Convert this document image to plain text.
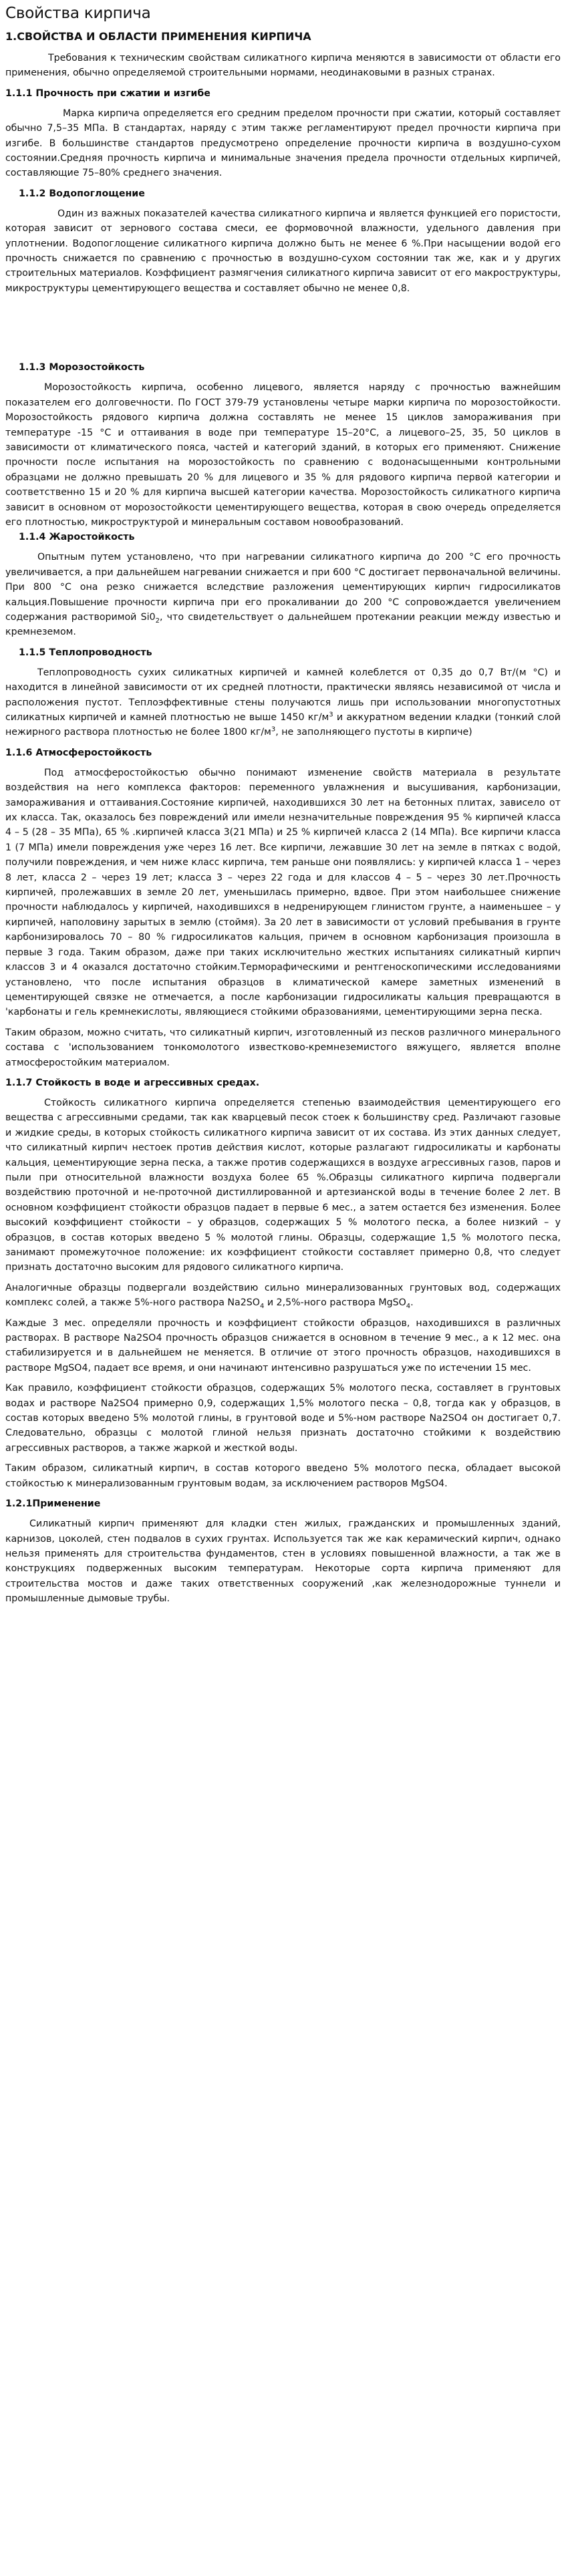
Свойства кирпича
1.СВОЙСТВА И ОБЛАСТИ ПРИМЕНЕНИЯ КИРПИЧА

Требования к техническим свойствам силикатного кирпича меняются в зависимости от области его применения, обычно определяемой строительными нормами, неодинаковыми в разных странах.

1.1.1 Прочность при сжатии и изгибе

Марка кирпича определяется его средним пределом прочности при сжатии, который составляет обычно 7,5–35 МПа. В стандартах, наряду с этим также регламентируют предел прочности кирпича при изгибе. В большинстве стандартов предусмотрено определение прочности кирпича в воздушно-сухом состоянии.Средняя прочность кирпича и минимальные значения предела прочности отдельных кирпичей, составляющие 75–80% среднего значения.

1.1.2 Водопоглощение

Один из важных показателей качества силикатного кирпича и является функцией его пористости, которая зависит от зернового состава смеси, ее формовочной влажности, удельного давления при уплотнении. Водопоглощение силикатного кирпича должно быть не менее 6 %.При насыщении водой его прочность снижается по сравнению с прочностью в воздушно-сухом состоянии так же, как и у других строительных материалов. Коэффициент размягчения силикатного кирпича зависит от его макроструктуры, микроструктуры цементирующего вещества и составляет обычно не менее 0,8.

1.1.3 Морозостойкость

Морозостойкость кирпича, особенно лицевого, является наряду с прочностью важнейшим показателем его долговечности. По ГОСТ 379-79 установлены четыре марки кирпича по морозостойкости. Морозостойкость рядового кирпича должна составлять не менее 15 циклов замораживания при температуре -15 °С и оттаивания в воде при температуре 15–20°С, а лицевого–25, 35, 50 циклов в зависимости от климатического пояса, частей и категорий зданий, в которых его применяют. Снижение прочности после испытания на морозостойкость по сравнению с водонасыщенными контрольными образцами не должно превышать 20 % для лицевого и 35 % для рядового кирпича первой категории и соответственно 15 и 20 % для кирпича высшей категории качества. Морозостойкость силикатного кирпича зависит в основном от морозостойкости цементирующего вещества, которая в свою очередь определяется его плотностью, микроструктурой и минеральным составом новообразований.

1.1.4 Жаростойкость

Опытным путем установлено, что при нагревании силикатного кирпича до 200 °С его прочность увеличивается, а при дальнейшем нагревании снижается и при 600 °С достигает первоначальной величины. При 800 °С она резко снижается вследствие разложения цементирующих кирпич гидросиликатов кальция.Повышение прочности кирпича при его прокаливании до 200 °С сопровождается увеличением содержания растворимой $Si0_2$, что свидетельствует о дальнейшем протекании реакции между известью и кремнеземом.

1.1.5 Теплопроводность

Теплопроводность сухих силикатных кирпичей и камней колеблется от 0,35 до 0,7 Вт/(м °С) и находится в линейной зависимости от их средней плотности, практически являясь независимой от числа и расположения пустот. Теплоэффективные стены получаются лишь при использовании многопустотных силикатных кирпичей и камней плотностью не выше 1450 $кг/м^3$ и аккуратном ведении кладки (тонкий слой нежирного раствора плотностью не более 1800 $кг/м^3$, не заполняющего пустоты в кирпиче)

1.1.6 Атмосферостойкость

Под атмосферостойкостью обычно понимают изменение свойств материала в результате воздействия на него комплекса факторов: переменного увлажнения и высушивания, карбонизации, замораживания и оттаивания.Состояние кирпичей, находившихся 30 лет на бетонных плитах, зависело от их класса. Так, оказалось без повреждений или имели незначительные повреждения 95 % кирпичей класса 4 – 5 (28 – 35 МПа), 65 % .кирпичей класса 3(21 МПа) и 25 % кирпичей класса 2 (14 МПа). Все кирпичи класса 1 (7 МПа) имели повреждения уже через 16 лет. Все кирпичи, лежавшие 30 лет на земле в пятках с водой, получили повреждения, и чем ниже класс кирпича, тем раньше они появлялись: у кирпичей класса 1 – через 8 лет, класса 2 – через 19 лет; класса 3 – через 22 года и для классов 4 – 5 – через 30 лет.Прочность кирпичей, пролежавших в земле 20 лет, уменьшилась примерно, вдвое. При этом наибольшее снижение прочности наблюдалось у кирпичей, находившихся в недренирующем глинистом грунте, а наименьшее – у кирпичей, наполовину зарытых в землю (стоймя). За 20 лет в зависимости от условий пребывания в грунте карбонизировалось 70 – 80 % гидросиликатов кальция, причем в основном карбонизация произошла в первые 3 года. Таким образом, даже при таких исключительно жестких испытаниях силикатный кирпич классов 3 и 4 оказался достаточно стойким.Терморафическими и рентгеноскопическими исследованиями установлено, что после испытания образцов в климатической камере заметных изменений в цементирующей связке не отмечается, а после карбонизации гидросиликаты кальция превращаются в 'карбонаты и гель кремнекислоты, являющиеся стойкими образованиями, цементирующими зерна песка.

Таким образом, можно считать, что силикатный кирпич, изготовленный из песков различного минерального состава с 'использованием тонкомолотого известково-кремнеземистого вяжущего, является вполне атмосферостойким материалом.

1.1.7 Стойкость в воде и агрессивных средах.

Стойкость силикатного кирпича определяется степенью взаимодействия цементирующего его вещества с агрессивными средами, так как кварцевый песок стоек к большинству сред. Различают газовые и жидкие среды, в которых стойкость силикатного кирпича зависит от их состава. Из этих данных следует, что силикатный кирпич нестоек против действия кислот, которые разлагают гидросиликаты и карбонаты кальция, цементирующие зерна песка, а также против содержащихся в воздухе агрессивных газов, паров и пыли при относительной влажности воздуха более 65 %.Образцы силикатного кирпича подвергали воздействию проточной и не-проточной дистиллированной и артезианской воды в течение более 2 лет. В основном коэффициент стойкости образцов падает в первые 6 мес., а затем остается без изменения. Более высокий коэффициент стойкости – у образцов, содержащих 5 % молотого песка, а более низкий – у образцов, в состав которых введено 5 % молотой глины. Образцы, содержащие 1,5 % молотого песка, занимают промежуточное положение: их коэффициент стойкости составляет примерно 0,8, что следует признать достаточно высоким для рядового силикатного кирпича.

Аналогичные образцы подвергали воздействию сильно минерализованных грунтовых вод, содержащих комплекс солей, а также 5%-ного раствора $Na2SO_4$ и 2,5%-ного раствора MgSO$_4$.

Каждые 3 мес. определяли прочность и коэффициент стойкости образцов, находившихся в различных растворах. В растворе Na2SO4 прочность образцов снижается в основном в течение 9 мес., а к 12 мес. она стабилизируется и в дальнейшем не меняется. В отличие от этого прочность образцов, находившихся в растворе MgSO4, падает все время, и они начинают интенсивно разрушаться уже по истечении 15 мес.

Как правило, коэффициент стойкости образцов, содержащих 5% молотого песка, составляет в грунтовых водах и растворе Na2SO4 примерно 0,9, содержащих 1,5% молотого песка – 0,8, тогда как у образцов, в состав которых введено 5% молотой глины, в грунтовой воде и 5%-ном растворе Na2SO4 он достигает 0,7. Следовательно, образцы с молотой глиной нельзя признать достаточно стойкими к воздействию агрессивных растворов, а также жаркой и жесткой воды.

Таким образом, силикатный кирпич, в состав которого введено 5% молотого песка, обладает высокой стойкостью к минерализованным грунтовым водам, за исключением растворов MgSO4.

1.2.1Применение

Силикатный кирпич применяют для кладки стен жилых, гражданских и промышленных зданий, карнизов, цоколей, стен подвалов в сухих грунтах. Используется так же как керамический кирпич, однако нельзя применять для строительства фундаментов, стен в условиях повышенной влажности, а так же в конструкциях подверженных высоким температурам. Некоторые сорта кирпича применяют для строительства мостов и даже таких ответственных сооружений ,как железнодорожные туннели и промышленные дымовые трубы.
